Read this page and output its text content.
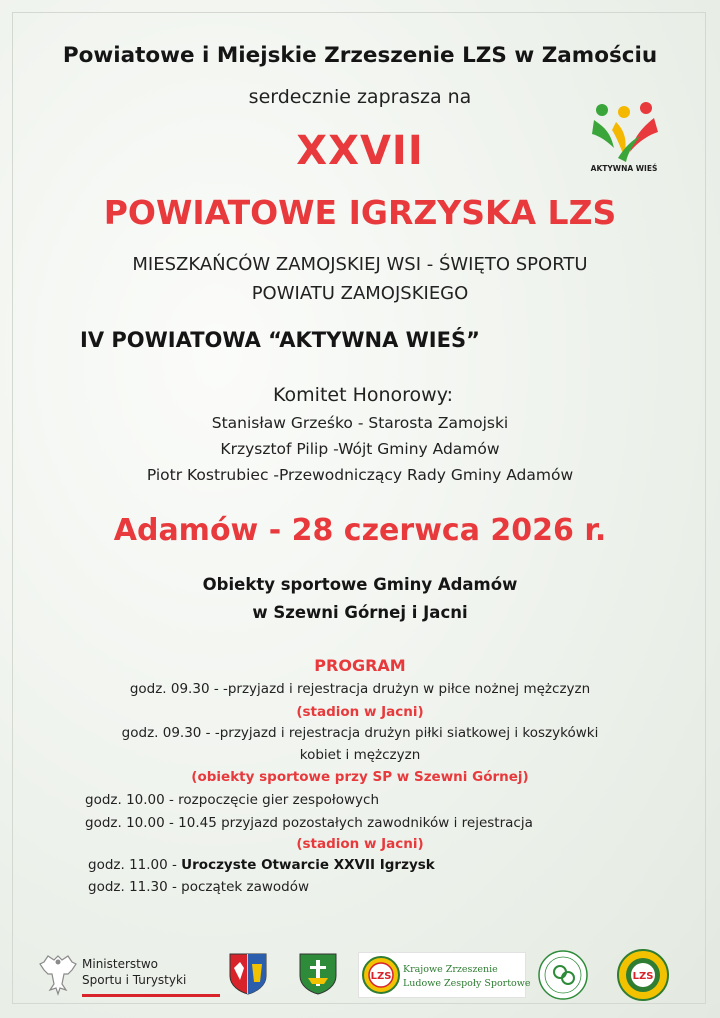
Powiatowe i Miejskie Zrzeszenie LZS w Zamościu
serdecznie zaprasza na
XXVII
POWIATOWE IGRZYSKA LZS
MIESZKAŃCÓW ZAMOJSKIEJ WSI - ŚWIĘTO SPORTU
POWIATU ZAMOJSKIEGO
IV POWIATOWA “AKTYWNA WIEŚ”
AKTYWNA WIEŚ
Komitet Honorowy:
Stanisław Grześko - Starosta Zamojski
Krzysztof Pilip -Wójt Gminy Adamów
Piotr Kostrubiec -Przewodniczący Rady Gminy Adamów
Adamów - 28 czerwca 2026 r.
Obiekty sportowe Gminy Adamów
w Szewni Górnej i Jacni
PROGRAM
godz. 09.30 - -przyjazd i rejestracja drużyn w piłce nożnej mężczyzn
(stadion w Jacni)
godz. 09.30 - -przyjazd i rejestracja drużyn piłki siatkowej i koszykówki
kobiet i mężczyzn
(obiekty sportowe przy SP w Szewni Górnej)
godz. 10.00 - rozpoczęcie gier zespołowych
godz. 10.00 - 10.45 przyjazd pozostałych zawodników i rejestracja
(stadion w Jacni)
godz. 11.00 - Uroczyste Otwarcie XXVII Igrzysk
godz. 11.30 - początek zawodów
Ministerstwo
Sportu i Turystyki	LZS
Krajowe Zrzeszenie
Ludowe Zespoły Sportowe
LZS
